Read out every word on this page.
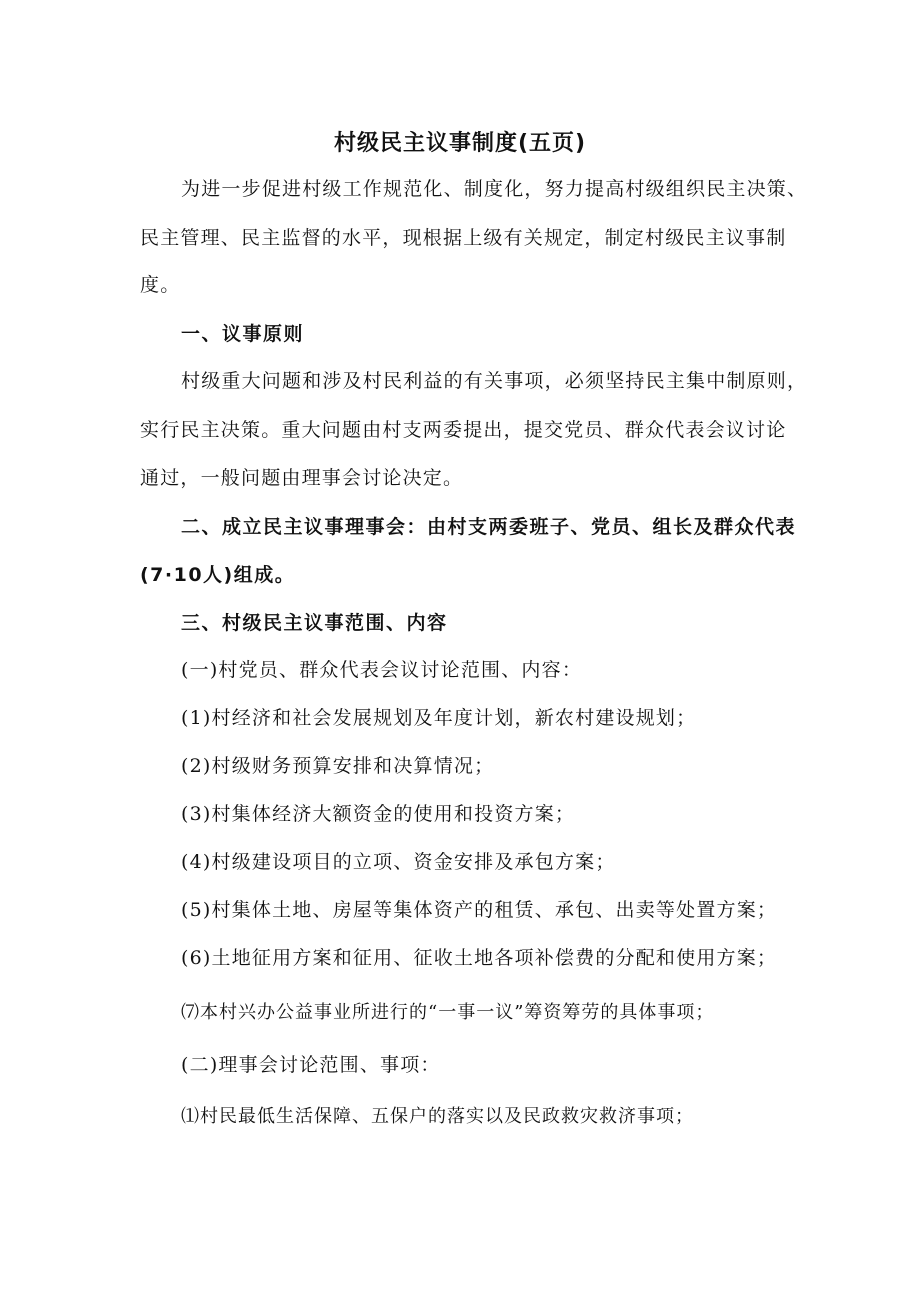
村级民主议事制度(五页)
为进一步促进村级工作规范化、制度化，努力提高村级组织民主决策、
民主管理、民主监督的水平，现根据上级有关规定，制定村级民主议事制
度。
一、议事原则
村级重大问题和涉及村民利益的有关事项，必须坚持民主集中制原则，
实行民主决策。重大问题由村支两委提出，提交党员、群众代表会议讨论
通过，一般问题由理事会讨论决定。
二、成立民主议事理事会：由村支两委班子、党员、组长及群众代表
(7·10人)组成。
三、村级民主议事范围、内容
(一)村党员、群众代表会议讨论范围、内容：
(1)村经济和社会发展规划及年度计划，新农村建设规划；
(2)村级财务预算安排和决算情况；
(3)村集体经济大额资金的使用和投资方案；
(4)村级建设项目的立项、资金安排及承包方案；
(5)村集体土地、房屋等集体资产的租赁、承包、出卖等处置方案；
(6)土地征用方案和征用、征收土地各项补偿费的分配和使用方案；
⑺本村兴办公益事业所进行的“一事一议”筹资筹劳的具体事项；
(二)理事会讨论范围、事项：
⑴村民最低生活保障、五保户的落实以及民政救灾救济事项；
